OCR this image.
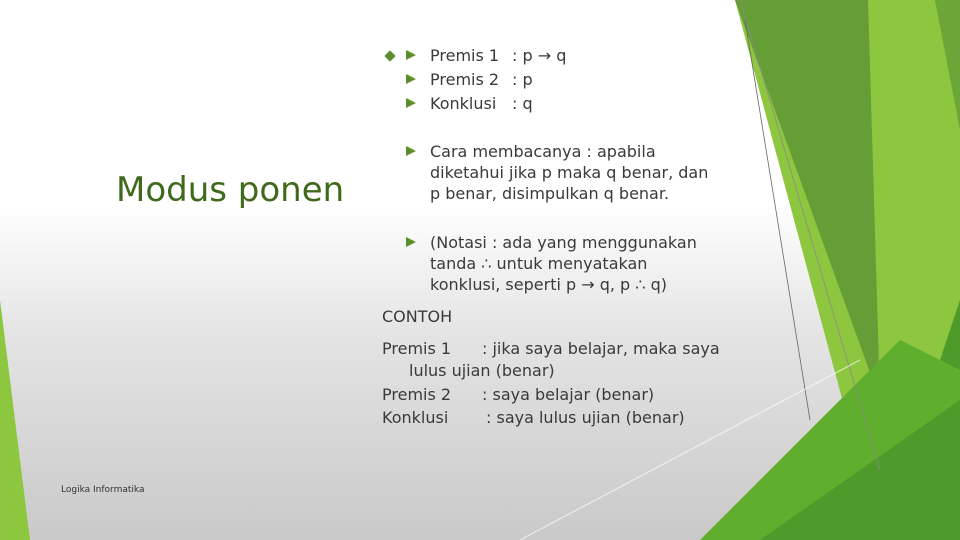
Modus ponen
Premis 1 : p → q
Premis 2 : p
Konklusi : q
Cara membacanya : apabila
diketahui jika p maka q benar, dan
p benar, disimpulkan q benar.
(Notasi : ada yang menggunakan
tanda ∴ untuk menyatakan
konklusi, seperti p → q, p ∴ q)
CONTOH
Premis 1 : jika saya belajar, maka saya
lulus ujian (benar)
Premis 2 : saya belajar (benar)
Konklusi : saya lulus ujian (benar)
Logika Informatika
